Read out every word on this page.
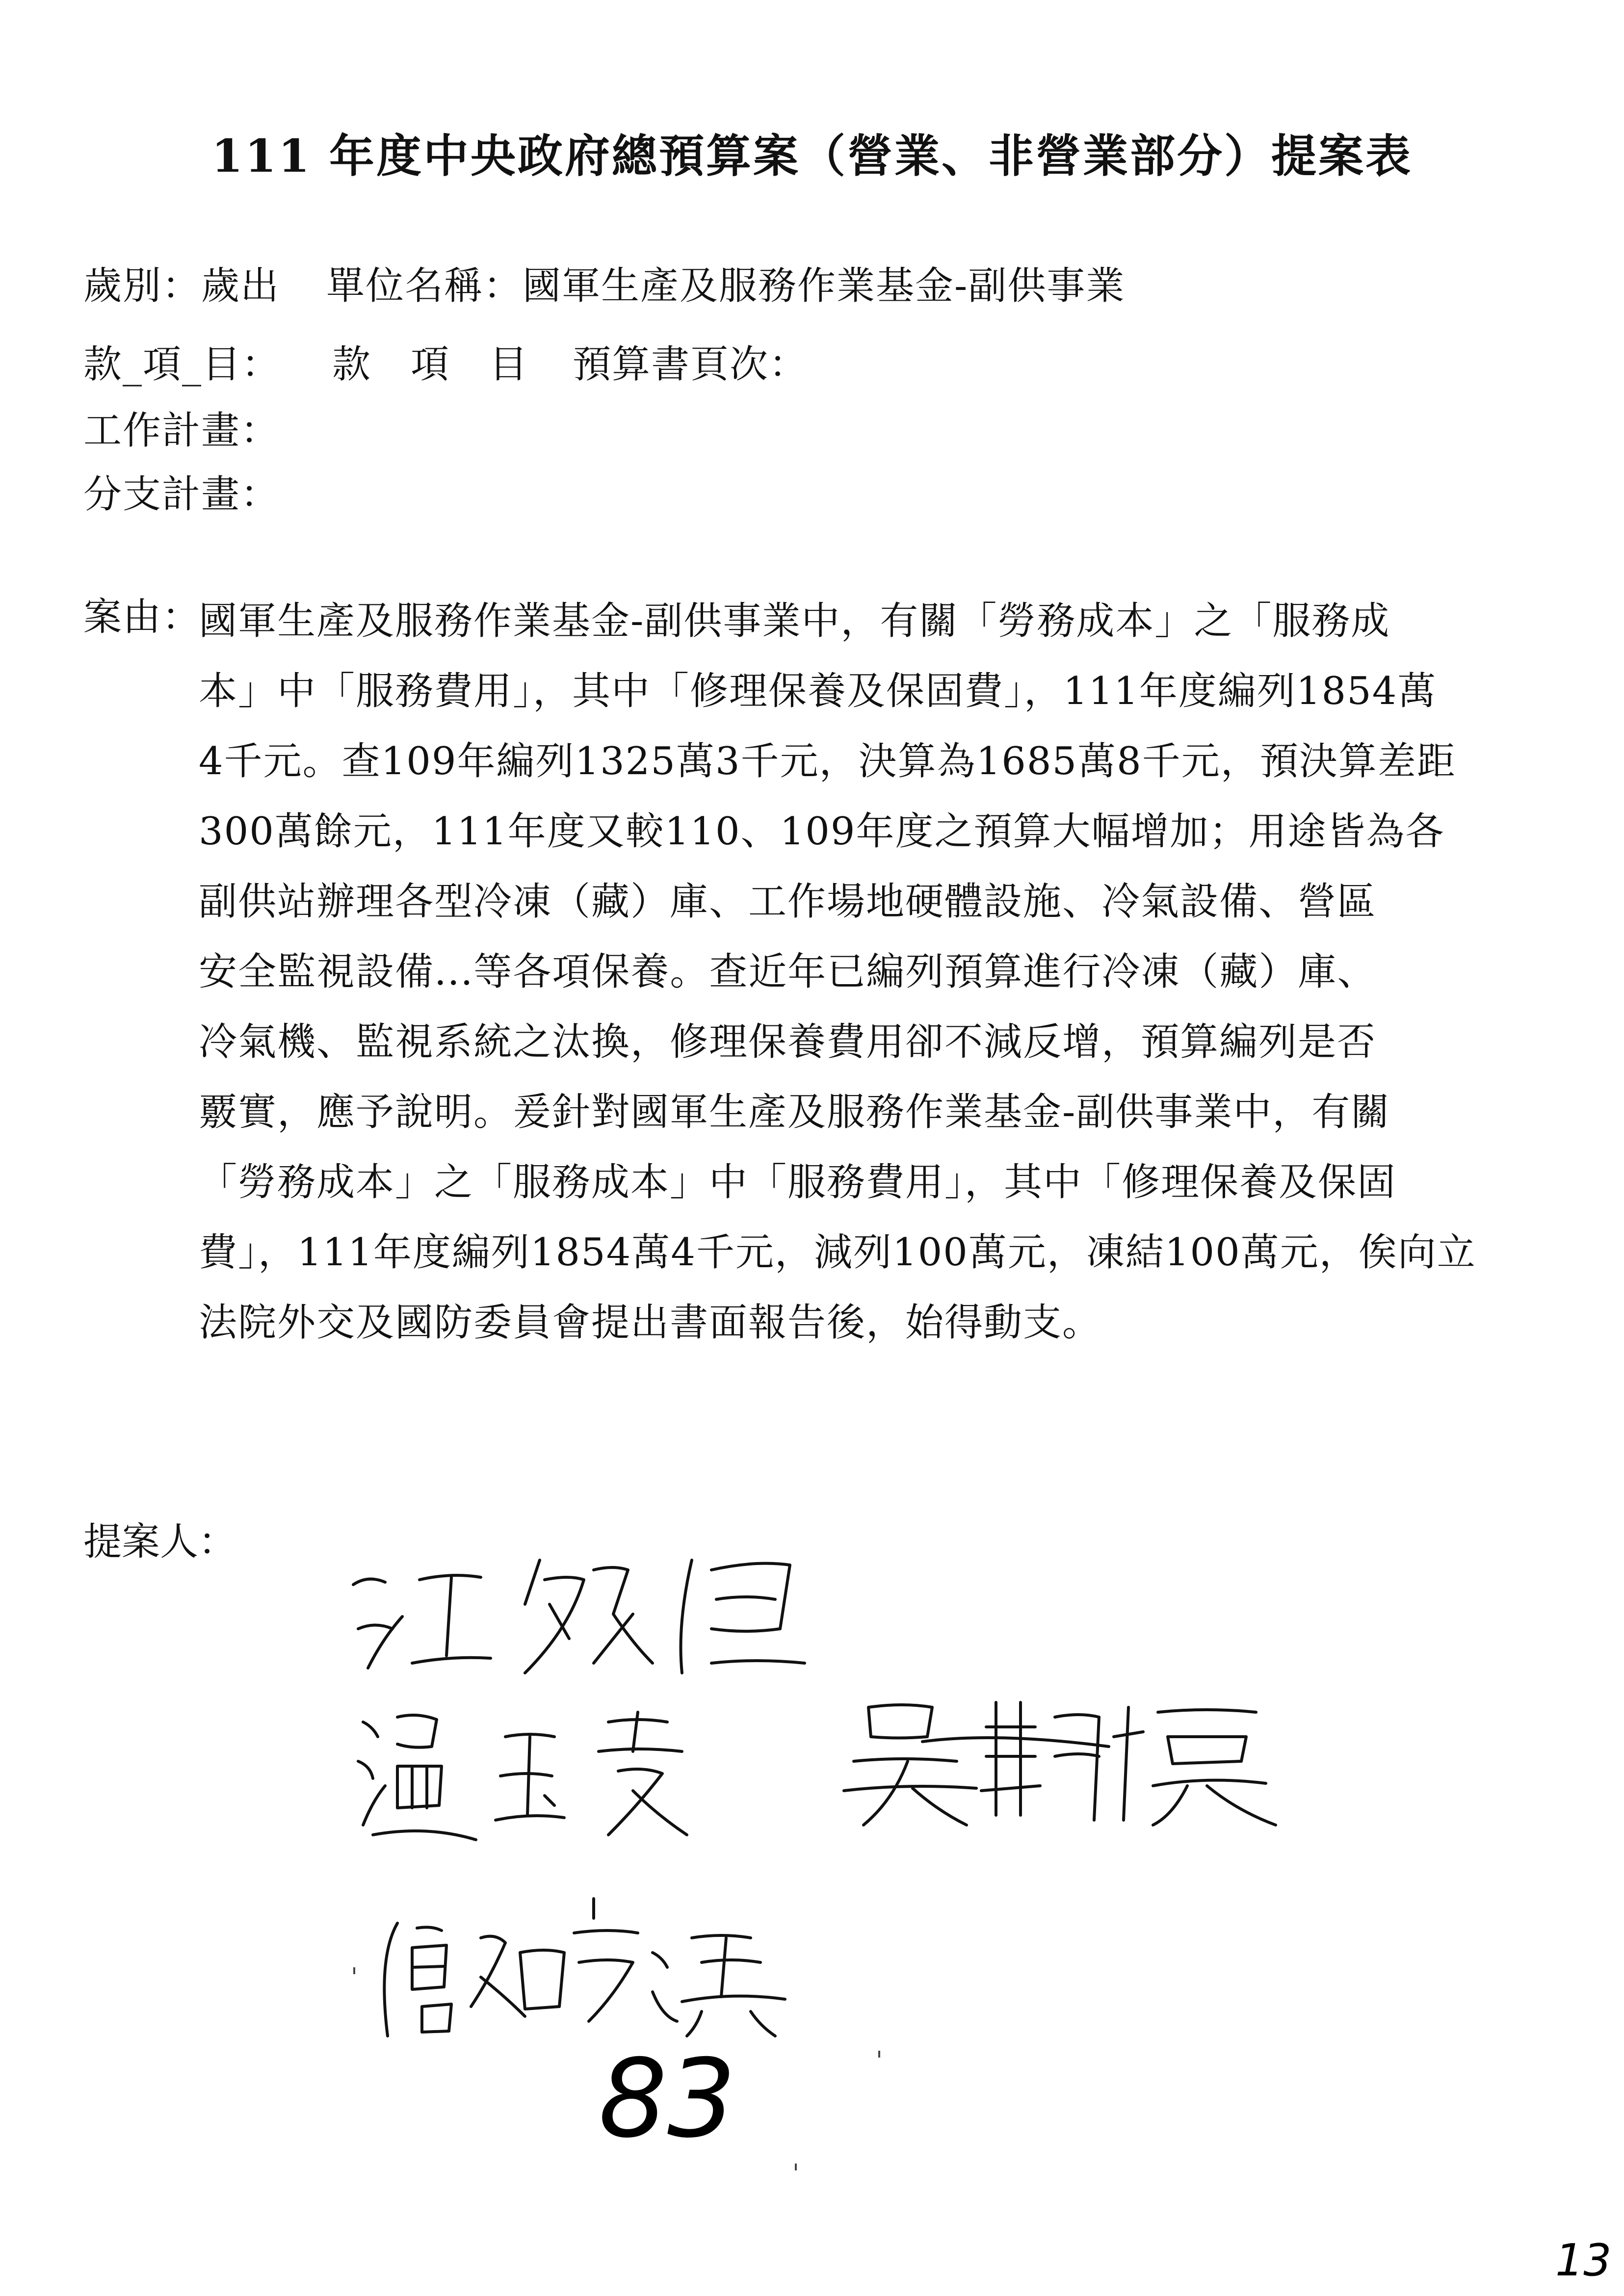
111 年度中央政府總預算案（營業、非營業部分）提案表
歲別：歲出 單位名稱：國軍生產及服務作業基金-副供事業
款_項_目： 款　項　目 預算書頁次：
工作計畫：
分支計畫：
案由：
國軍生產及服務作業基金-副供事業中，有關「勞務成本」之「服務成
本」中「服務費用」，其中「修理保養及保固費」，111年度編列1854萬
4千元。查109年編列1325萬3千元，決算為1685萬8千元，預決算差距
300萬餘元，111年度又較110、109年度之預算大幅增加；用途皆為各
副供站辦理各型冷凍（藏）庫、工作場地硬體設施、冷氣設備、營區
安全監視設備...等各項保養。查近年已編列預算進行冷凍（藏）庫、
冷氣機、監視系統之汰換，修理保養費用卻不減反增，預算編列是否
覈實，應予說明。爰針對國軍生產及服務作業基金-副供事業中，有關
「勞務成本」之「服務成本」中「服務費用」，其中「修理保養及保固
費」，111年度編列1854萬4千元，減列100萬元，凍結100萬元，俟向立
法院外交及國防委員會提出書面報告後，始得動支。
提案人：
83
13
